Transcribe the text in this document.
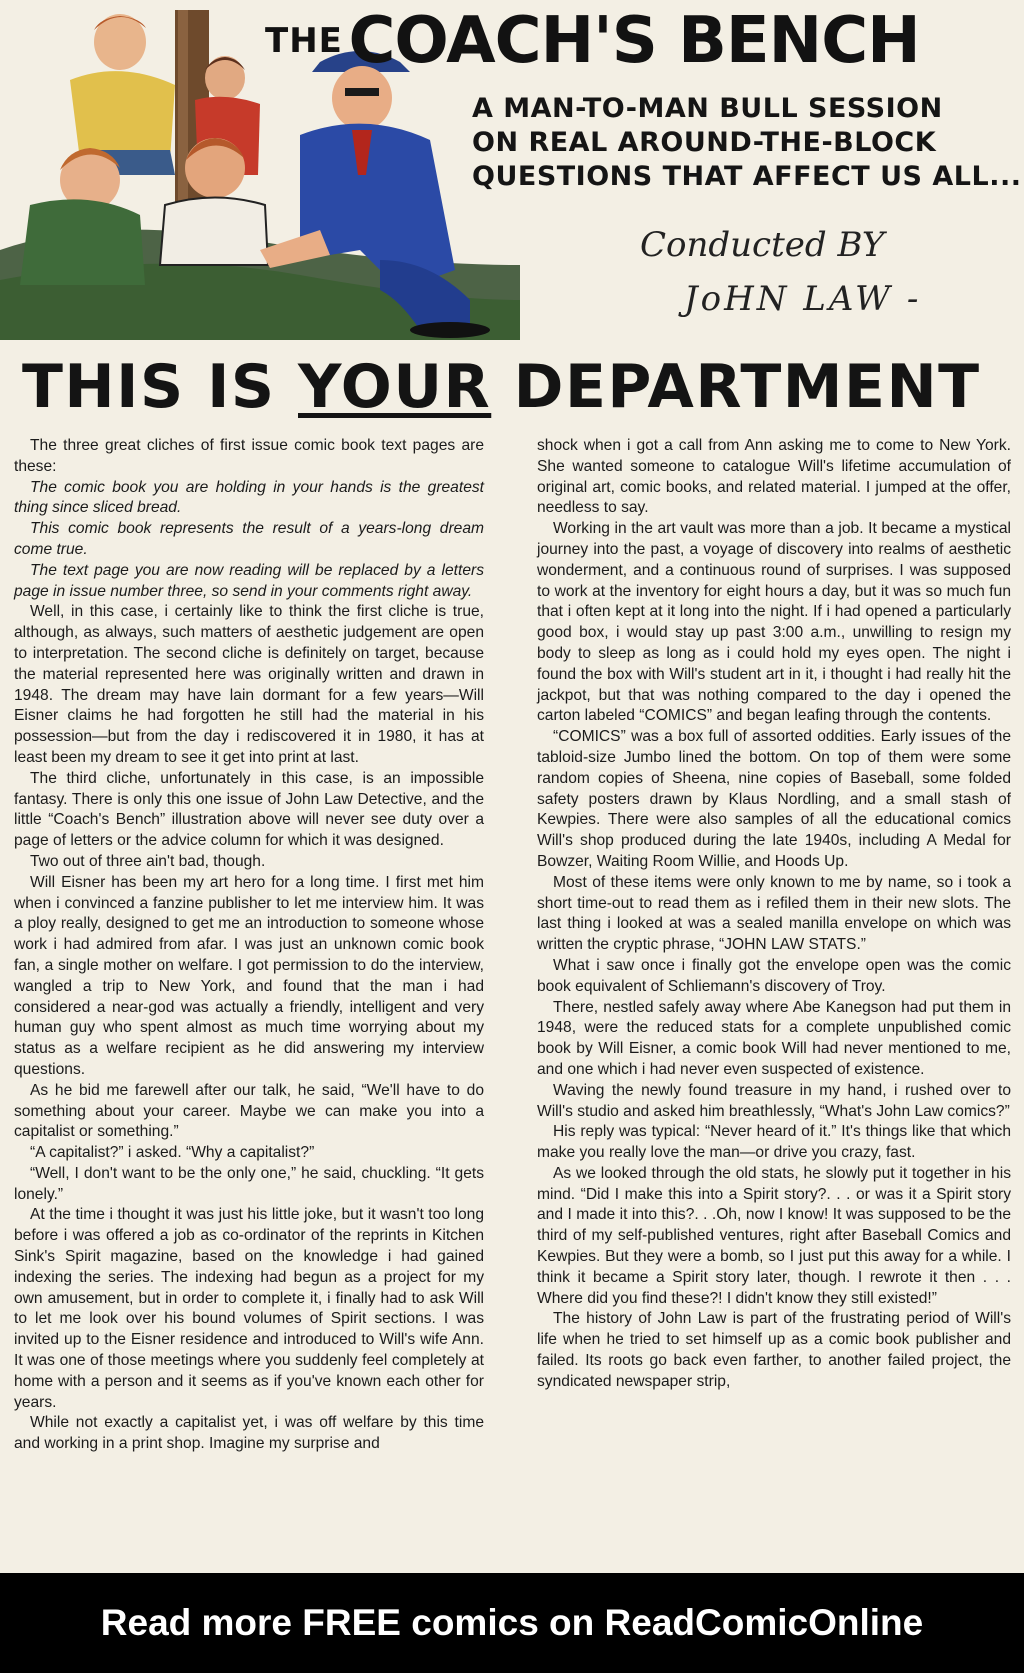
THE COACH'S BENCH
A MAN-TO-MAN BULL SESSION
ON REAL AROUND-THE-BLOCK
QUESTIONS THAT AFFECT US ALL...
Conducted BY
JoHN LAW -
THIS IS YOUR DEPARTMENT

The three great cliches of first issue comic book text pages are these:

The comic book you are holding in your hands is the greatest thing since sliced bread.

This comic book represents the result of a years-long dream come true.

The text page you are now reading will be replaced by a letters page in issue number three, so send in your comments right away.

Well, in this case, i certainly like to think the first cliche is true, although, as always, such matters of aesthetic judgement are open to interpretation. The second cliche is definitely on target, because the material represented here was originally written and drawn in 1948. The dream may have lain dormant for a few years—Will Eisner claims he had forgotten he still had the material in his possession—but from the day i rediscovered it in 1980, it has at least been my dream to see it get into print at last.

The third cliche, unfortunately in this case, is an impossible fantasy. There is only this one issue of John Law Detective, and the little “Coach's Bench” illustration above will never see duty over a page of letters or the advice column for which it was designed.

Two out of three ain't bad, though.

Will Eisner has been my art hero for a long time. I first met him when i convinced a fanzine publisher to let me interview him. It was a ploy really, designed to get me an introduction to someone whose work i had admired from afar. I was just an unknown comic book fan, a single mother on welfare. I got permission to do the interview, wangled a trip to New York, and found that the man i had considered a near-god was actually a friendly, intelligent and very human guy who spent almost as much time worrying about my status as a welfare recipient as he did answering my interview questions.

As he bid me farewell after our talk, he said, “We'll have to do something about your career. Maybe we can make you into a capitalist or something.”

“A capitalist?” i asked. “Why a capitalist?”

“Well, I don't want to be the only one,” he said, chuckling. “It gets lonely.”

At the time i thought it was just his little joke, but it wasn't too long before i was offered a job as co-ordinator of the reprints in Kitchen Sink's Spirit magazine, based on the knowledge i had gained indexing the series. The indexing had begun as a project for my own amusement, but in order to complete it, i finally had to ask Will to let me look over his bound volumes of Spirit sections. I was invited up to the Eisner residence and introduced to Will's wife Ann. It was one of those meetings where you suddenly feel completely at home with a person and it seems as if you've known each other for years.

While not exactly a capitalist yet, i was off welfare by this time and working in a print shop. Imagine my surprise and

shock when i got a call from Ann asking me to come to New York. She wanted someone to catalogue Will's lifetime accumulation of original art, comic books, and related material. I jumped at the offer, needless to say.

Working in the art vault was more than a job. It became a mystical journey into the past, a voyage of discovery into realms of aesthetic wonderment, and a continuous round of surprises. I was supposed to work at the inventory for eight hours a day, but it was so much fun that i often kept at it long into the night. If i had opened a particularly good box, i would stay up past 3:00 a.m., unwilling to resign my body to sleep as long as i could hold my eyes open. The night i found the box with Will's student art in it, i thought i had really hit the jackpot, but that was nothing compared to the day i opened the carton labeled “COMICS” and began leafing through the contents.

“COMICS” was a box full of assorted oddities. Early issues of the tabloid-size Jumbo lined the bottom. On top of them were some random copies of Sheena, nine copies of Baseball, some folded safety posters drawn by Klaus Nordling, and a small stash of Kewpies. There were also samples of all the educational comics Will's shop produced during the late 1940s, including A Medal for Bowzer, Waiting Room Willie, and Hoods Up.

Most of these items were only known to me by name, so i took a short time-out to read them as i refiled them in their new slots. The last thing i looked at was a sealed manilla envelope on which was written the cryptic phrase, “JOHN LAW STATS.”

What i saw once i finally got the envelope open was the comic book equivalent of Schliemann's discovery of Troy.

There, nestled safely away where Abe Kanegson had put them in 1948, were the reduced stats for a complete unpublished comic book by Will Eisner, a comic book Will had never mentioned to me, and one which i had never even suspected of existence.

Waving the newly found treasure in my hand, i rushed over to Will's studio and asked him breathlessly, “What's John Law comics?”

His reply was typical: “Never heard of it.” It's things like that which make you really love the man—or drive you crazy, fast.

As we looked through the old stats, he slowly put it together in his mind. “Did I make this into a Spirit story?. . . or was it a Spirit story and I made it into this?. . .Oh, now I know! It was supposed to be the third of my self-published ventures, right after Baseball Comics and Kewpies. But they were a bomb, so I just put this away for a while. I think it became a Spirit story later, though. I rewrote it then . . . Where did you find these?! I didn't know they still existed!”

The history of John Law is part of the frustrating period of Will's life when he tried to set himself up as a comic book publisher and failed. Its roots go back even farther, to another failed project, the syndicated newspaper strip,

Read more FREE comics on ReadComicOnline
